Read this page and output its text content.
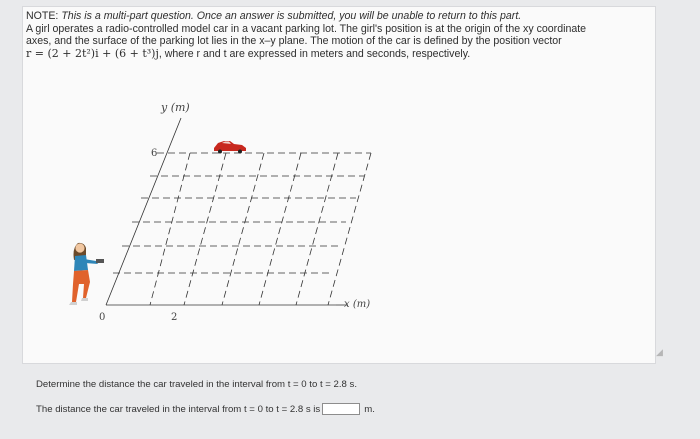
NOTE: This is a multi-part question. Once an answer is submitted, you will be unable to return to this part.

A girl operates a radio-controlled model car in a vacant parking lot. The girl's position is at the origin of the xy coordinate

axes, and the surface of the parking lot lies in the x–y plane. The motion of the car is defined by the position vector

r = (2 + 2t²)i + (6 + t³)j, where r and t are expressed in meters and seconds, respectively.

y (m)
x (m)
0
6
2
◢
Determine the distance the car traveled in the interval from t = 0 to t = 2.8 s.
The distance the car traveled in the interval from t = 0 to t = 2.8 s is	m.
